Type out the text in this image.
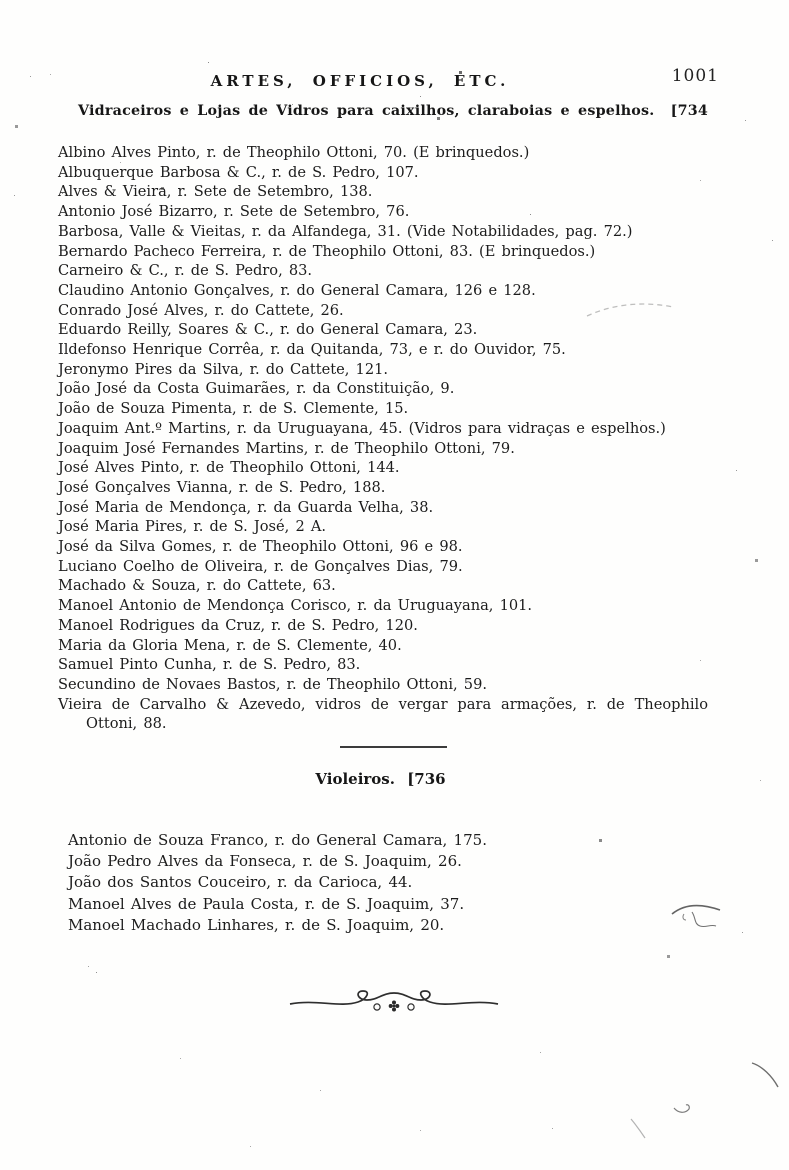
ARTES, OFFICIOS, ETC.	1001
Vidraceiros e Lojas de Vidros para caixilhos, claraboias e espelhos. [734
Albino Alves Pinto, r. de Theophilo Ottoni, 70. (E brinquedos.)
Albuquerque Barbosa & C., r. de S. Pedro, 107.
Alves & Vieira, r. Sete de Setembro, 138.
Antonio José Bizarro, r. Sete de Setembro, 76.
Barbosa, Valle & Vieitas, r. da Alfandega, 31. (Vide Notabilidades, pag. 72.)
Bernardo Pacheco Ferreira, r. de Theophilo Ottoni, 83. (E brinquedos.)
Carneiro & C., r. de S. Pedro, 83.
Claudino Antonio Gonçalves, r. do General Camara, 126 e 128.
Conrado José Alves, r. do Cattete, 26.
Eduardo Reilly, Soares & C., r. do General Camara, 23.
Ildefonso Henrique Corrêa, r. da Quitanda, 73, e r. do Ouvidor, 75.
Jeronymo Pires da Silva, r. do Cattete, 121.
João José da Costa Guimarães, r. da Constituição, 9.
João de Souza Pimenta, r. de S. Clemente, 15.
Joaquim Ant.º Martins, r. da Uruguayana, 45. (Vidros para vidraças e espelhos.)
Joaquim José Fernandes Martins, r. de Theophilo Ottoni, 79.
José Alves Pinto, r. de Theophilo Ottoni, 144.
José Gonçalves Vianna, r. de S. Pedro, 188.
José Maria de Mendonça, r. da Guarda Velha, 38.
José Maria Pires, r. de S. José, 2 A.
José da Silva Gomes, r. de Theophilo Ottoni, 96 e 98.
Luciano Coelho de Oliveira, r. de Gonçalves Dias, 79.
Machado & Souza, r. do Cattete, 63.
Manoel Antonio de Mendonça Corisco, r. da Uruguayana, 101.
Manoel Rodrigues da Cruz, r. de S. Pedro, 120.
Maria da Gloria Mena, r. de S. Clemente, 40.
Samuel Pinto Cunha, r. de S. Pedro, 83.
Secundino de Novaes Bastos, r. de Theophilo Ottoni, 59.
Vieira de Carvalho & Azevedo, vidros de vergar para armações, r. de Theophilo Ottoni, 88.
Violeiros. [736
Antonio de Souza Franco, r. do General Camara, 175.
João Pedro Alves da Fonseca, r. de S. Joaquim, 26.
João dos Santos Couceiro, r. da Carioca, 44.
Manoel Alves de Paula Costa, r. de S. Joaquim, 37.
Manoel Machado Linhares, r. de S. Joaquim, 20.
